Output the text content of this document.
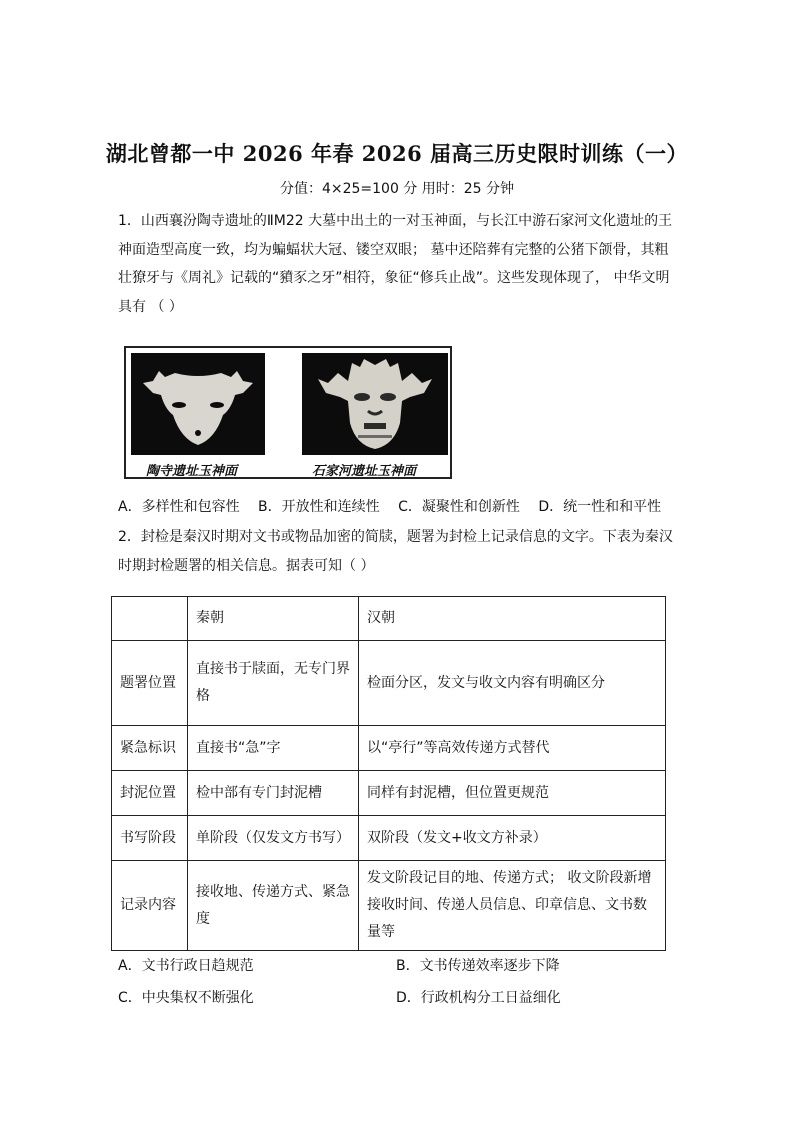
湖北曾都一中 2026 年春 2026 届高三历史限时训练（一）
分值：4×25=100 分 用时：25 分钟
1．山西襄汾陶寺遗址的ⅡM22 大墓中出土的一对玉神面，与长江中游石家河文化遗址的王神面造型高度一致，均为蝙蝠状大冠、镂空双眼； 墓中还陪葬有完整的公猪下颌骨，其粗壮獠牙与《周礼》记载的“豶豕之牙”相符，象征“修兵止战”。这些发现体现了， 中华文明具有 （ ）
陶寺遗址玉神面	石家河遗址玉神面
A．多样性和包容性 B．开放性和连续性 C．凝聚性和创新性 D．统一性和和平性
2．封检是秦汉时期对文书或物品加密的简牍，题署为封检上记录信息的文字。下表为秦汉时期封检题署的相关信息。据表可知（ ）
	秦朝	汉朝
题署位置	直接书于牍面，无专门界格	检面分区，发文与收文内容有明确区分
紧急标识	直接书“急”字	以“亭行”等高效传递方式替代
封泥位置	检中部有专门封泥槽	同样有封泥槽，但位置更规范
书写阶段	单阶段（仅发文方书写）	双阶段（发文+收文方补录）
记录内容	接收地、传递方式、紧急度	发文阶段记目的地、传递方式； 收文阶段新增接收时间、传递人员信息、印章信息、文书数量等
A．文书行政日趋规范	B．文书传递效率逐步下降
C．中央集权不断强化	D．行政机构分工日益细化
